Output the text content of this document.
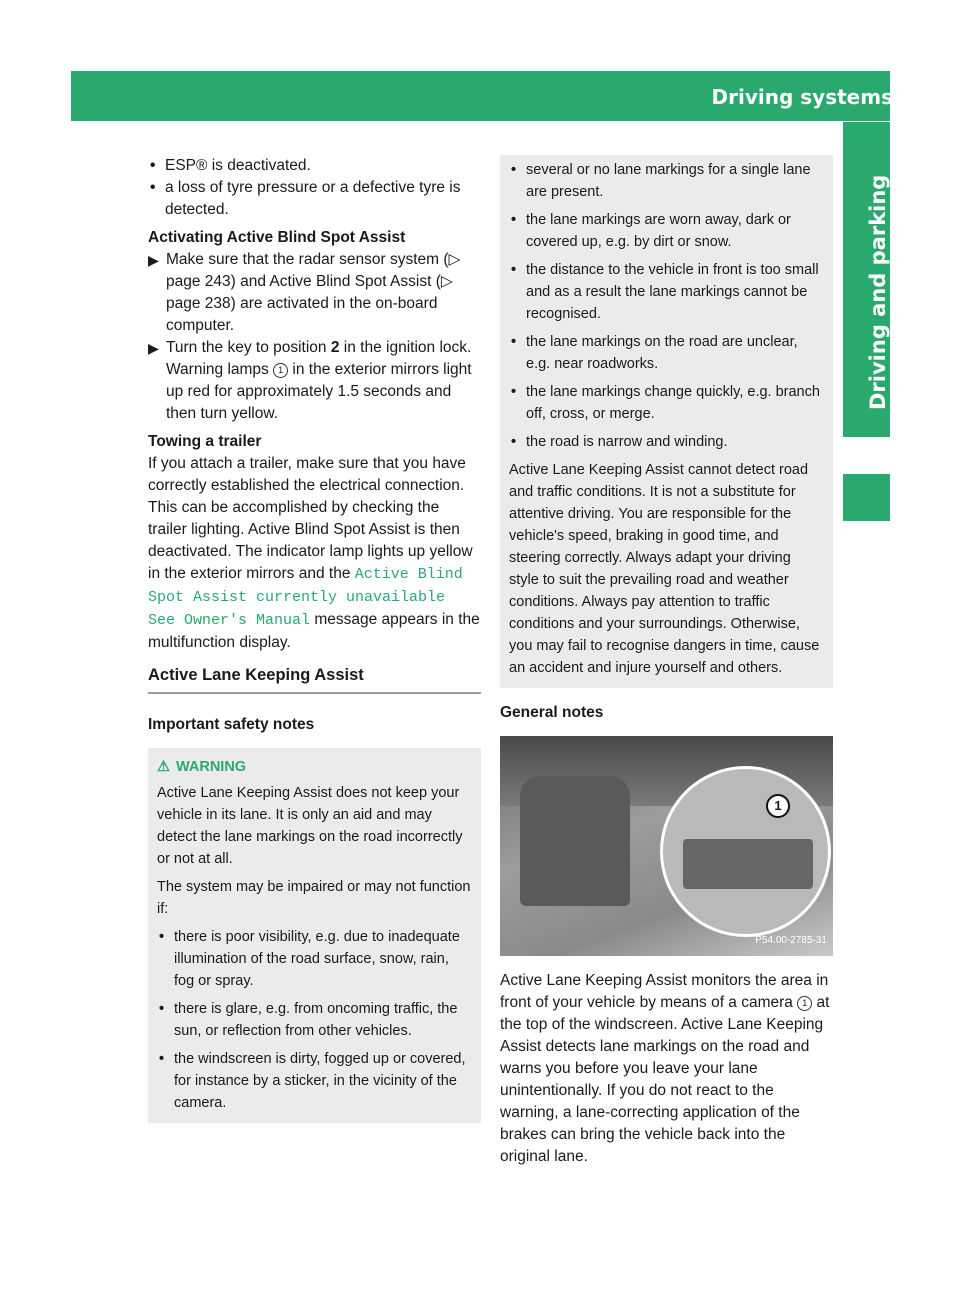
Driving systems 215
Driving and parking

• ESP® is deactivated.

• a loss of tyre pressure or a defective tyre is detected.

Activating Active Blind Spot Assist

▶ Make sure that the radar sensor system (▷ page 243) and Active Blind Spot Assist (▷ page 238) are activated in the on-board computer.

▶ Turn the key to position 2 in the ignition lock.
Warning lamps 1 in the exterior mirrors light up red for approximately 1.5 seconds and then turn yellow.

Towing a trailer

If you attach a trailer, make sure that you have correctly established the electrical connection. This can be accomplished by checking the trailer lighting. Active Blind Spot Assist is then deactivated. The indicator lamp lights up yellow in the exterior mirrors and the Active Blind Spot Assist currently unavailable See Owner's Manual message appears in the multifunction display.

Active Lane Keeping Assist

Important safety notes

⚠ WARNING

Active Lane Keeping Assist does not keep your vehicle in its lane. It is only an aid and may detect the lane markings on the road incorrectly or not at all.

The system may be impaired or may not function if:

• there is poor visibility, e.g. due to inadequate illumination of the road surface, snow, rain, fog or spray.

• there is glare, e.g. from oncoming traffic, the sun, or reflection from other vehicles.

• the windscreen is dirty, fogged up or covered, for instance by a sticker, in the vicinity of the camera.

• several or no lane markings for a single lane are present.

• the lane markings are worn away, dark or covered up, e.g. by dirt or snow.

• the distance to the vehicle in front is too small and as a result the lane markings cannot be recognised.

• the lane markings on the road are unclear, e.g. near roadworks.

• the lane markings change quickly, e.g. branch off, cross, or merge.

• the road is narrow and winding.

Active Lane Keeping Assist cannot detect road and traffic conditions. It is not a substitute for attentive driving. You are responsible for the vehicle's speed, braking in good time, and steering correctly. Always adapt your driving style to suit the prevailing road and weather conditions. Always pay attention to traffic conditions and your surroundings. Otherwise, you may fail to recognise dangers in time, cause an accident and injure yourself and others.

General notes

1
P54.00-2785-31

Active Lane Keeping Assist monitors the area in front of your vehicle by means of a camera 1 at the top of the windscreen. Active Lane Keeping Assist detects lane markings on the road and warns you before you leave your lane unintentionally. If you do not react to the warning, a lane-correcting application of the brakes can bring the vehicle back into the original lane.
